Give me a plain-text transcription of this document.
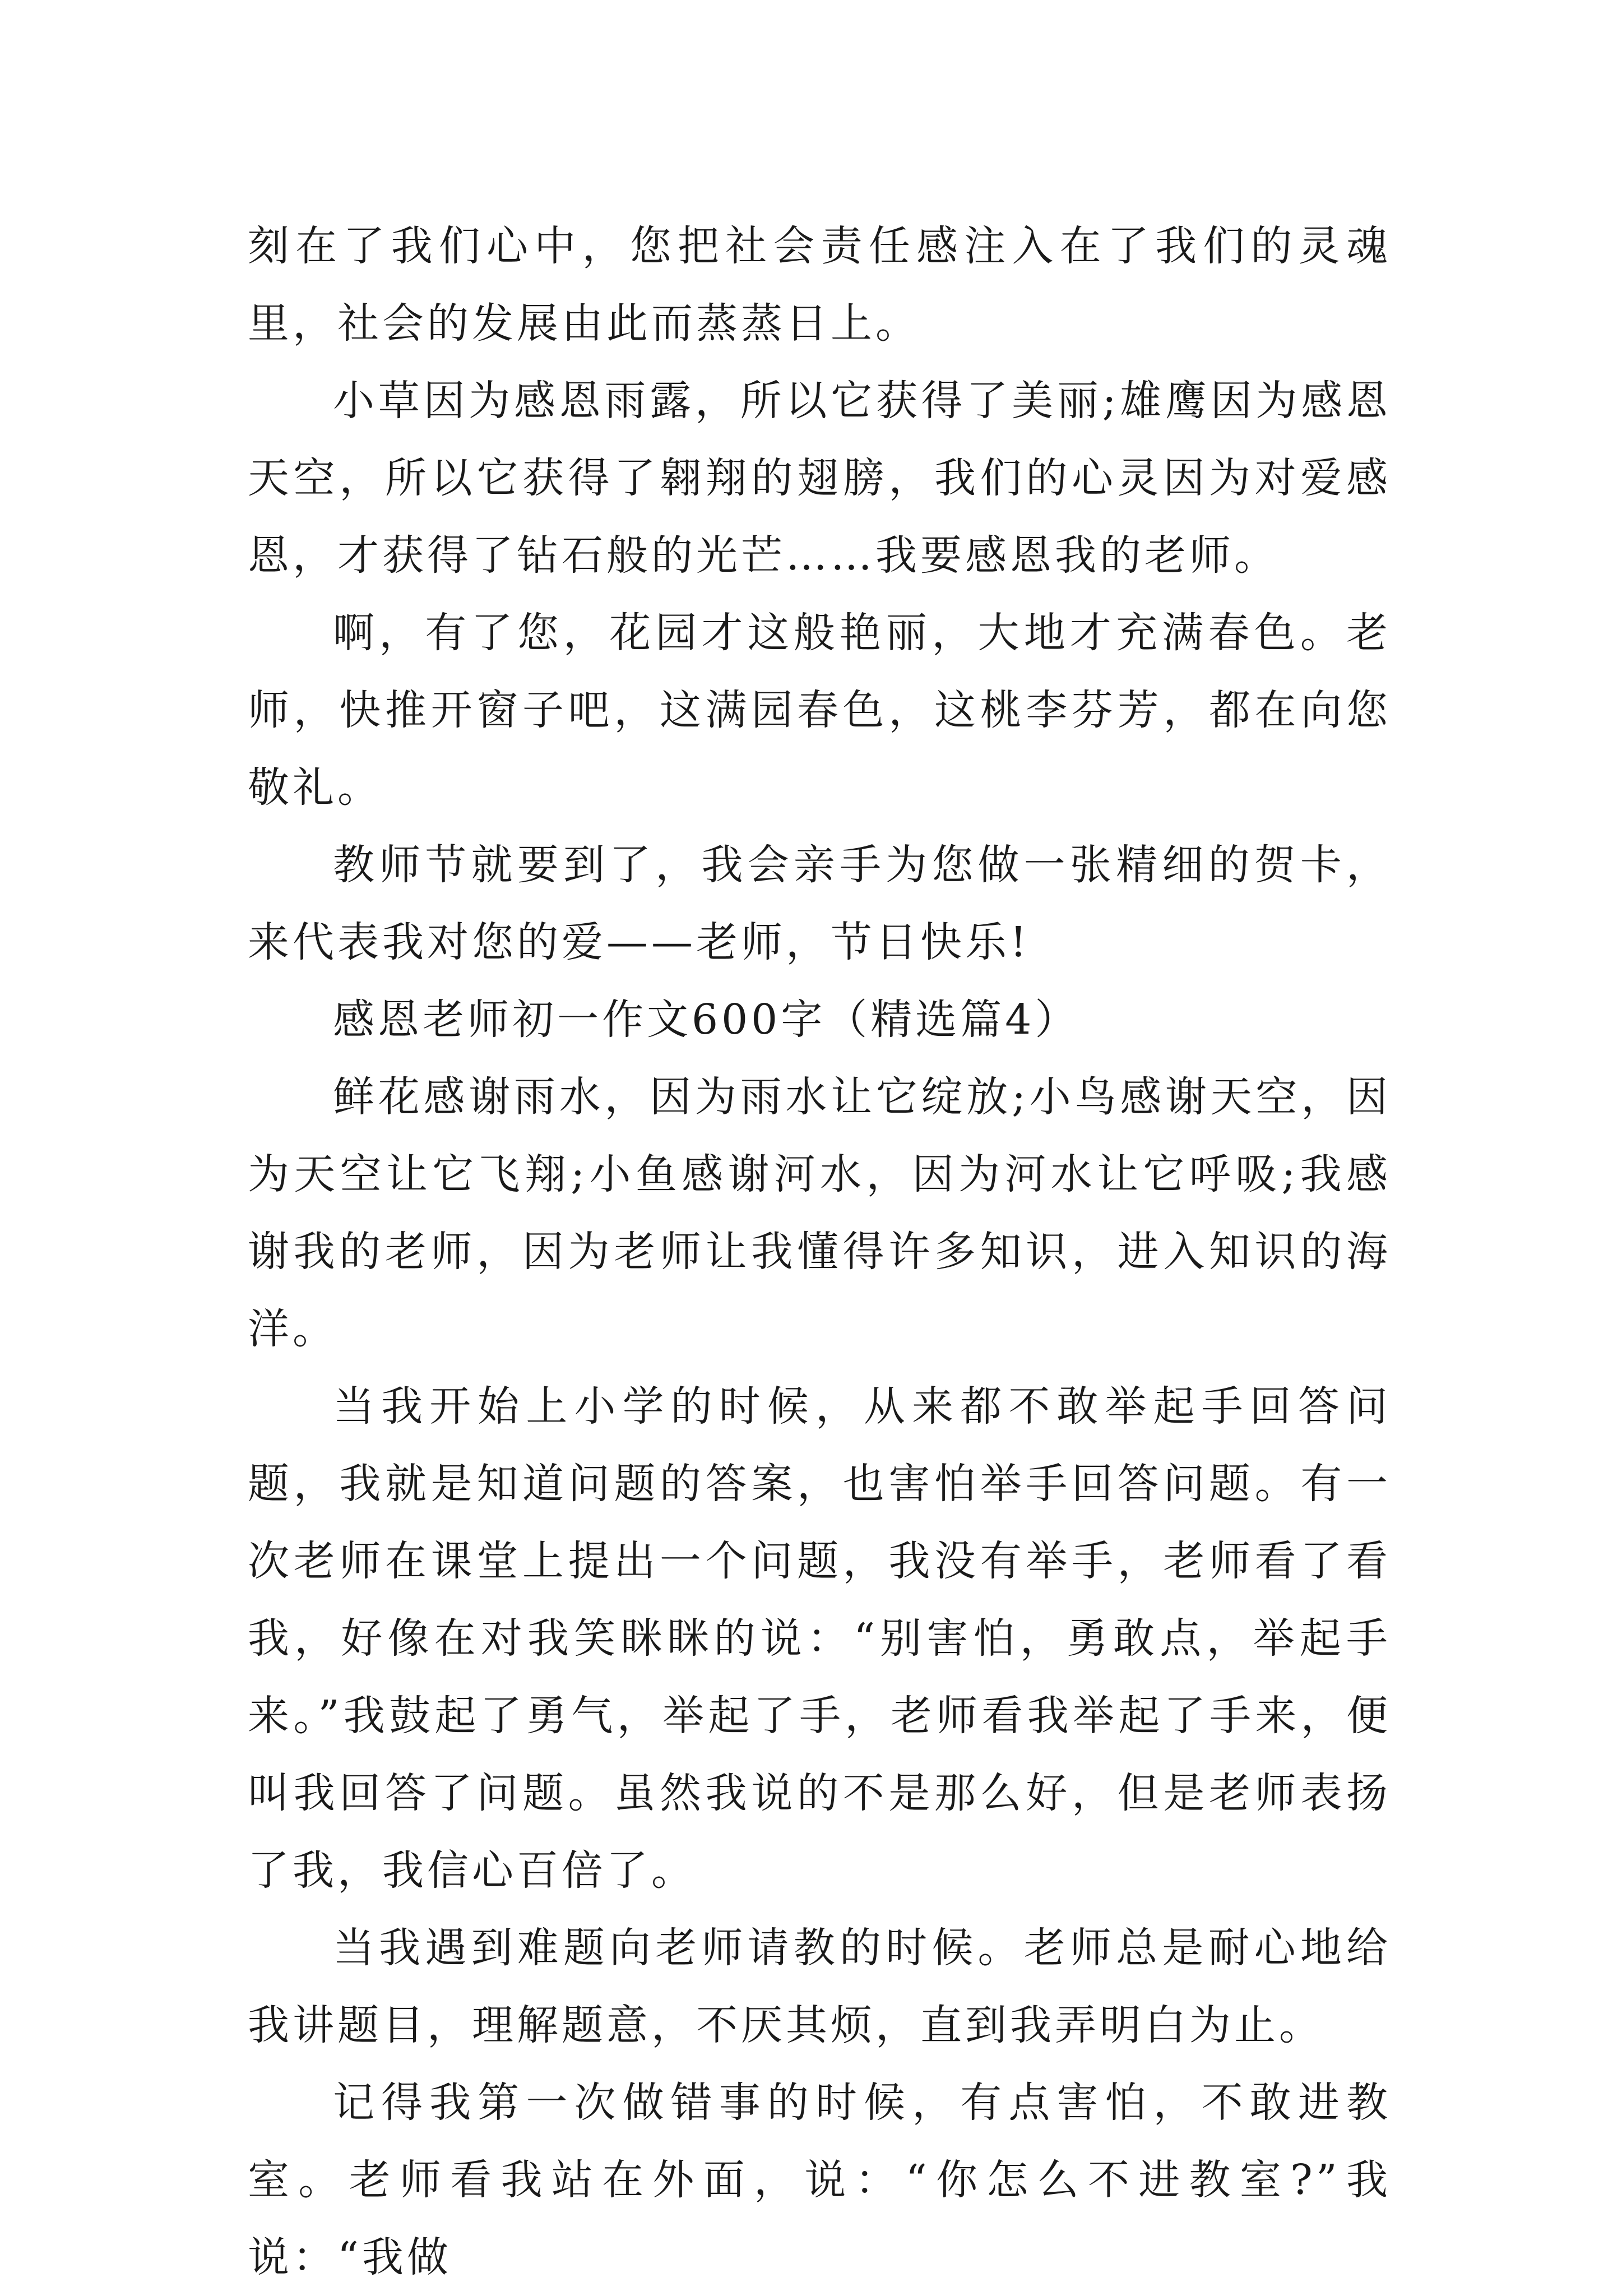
刻在了我们心中，您把社会责任感注入在了我们的灵魂里，社会的发展由此而蒸蒸日上。

小草因为感恩雨露，所以它获得了美丽;雄鹰因为感恩天空，所以它获得了翱翔的翅膀，我们的心灵因为对爱感恩，才获得了钻石般的光芒……我要感恩我的老师。

啊，有了您，花园才这般艳丽，大地才充满春色。老师，快推开窗子吧，这满园春色，这桃李芬芳，都在向您敬礼。

教师节就要到了，我会亲手为您做一张精细的贺卡，来代表我对您的爱——老师，节日快乐!

感恩老师初一作文600字（精选篇4）

鲜花感谢雨水，因为雨水让它绽放;小鸟感谢天空，因为天空让它飞翔;小鱼感谢河水，因为河水让它呼吸;我感谢我的老师，因为老师让我懂得许多知识，进入知识的海洋。

当我开始上小学的时候，从来都不敢举起手回答问题，我就是知道问题的答案，也害怕举手回答问题。有一次老师在课堂上提出一个问题，我没有举手，老师看了看我，好像在对我笑眯眯的说：“别害怕，勇敢点，举起手来。”我鼓起了勇气，举起了手，老师看我举起了手来，便叫我回答了问题。虽然我说的不是那么好，但是老师表扬了我，我信心百倍了。

当我遇到难题向老师请教的时候。老师总是耐心地给我讲题目，理解题意，不厌其烦，直到我弄明白为止。

记得我第一次做错事的时候，有点害怕，不敢进教室。老师看我站在外面，说：“你怎么不进教室?”我说：“我做
